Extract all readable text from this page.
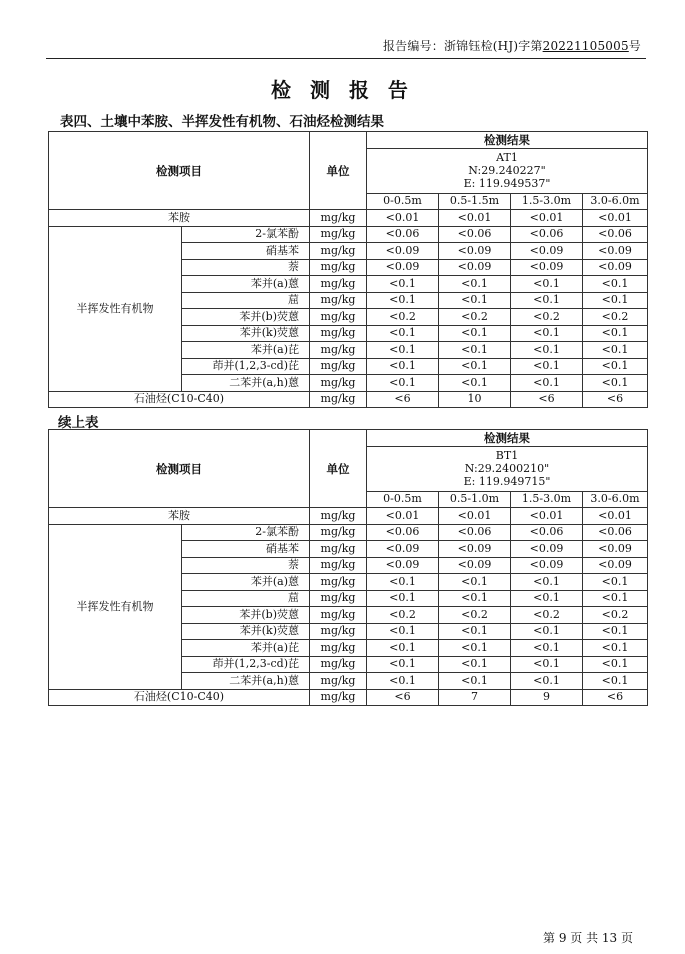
报告编号：浙锦钰检(HJ)字第20221105005号
检 测 报 告
表四、土壤中苯胺、半挥发性有机物、石油烃检测结果
续上表
检测项目		单位	检测结果			

			AT1
N:29.240227"
E: 119.949537"			

			0-0.5m	0.5-1.5m	1.5-3.0m	3.0-6.0m
苯胺		mg/kg	<0.01	<0.01	<0.01	<0.01
半挥发性有机物	2-氯苯酚	mg/kg	<0.06	<0.06	<0.06	<0.06
	硝基苯	mg/kg	<0.09	<0.09	<0.09	<0.09
	萘	mg/kg	<0.09	<0.09	<0.09	<0.09
	苯并(a)蒽	mg/kg	<0.1	<0.1	<0.1	<0.1
	䓛	mg/kg	<0.1	<0.1	<0.1	<0.1
	苯并(b)荧蒽	mg/kg	<0.2	<0.2	<0.2	<0.2
	苯并(k)荧蒽	mg/kg	<0.1	<0.1	<0.1	<0.1
	苯并(a)芘	mg/kg	<0.1	<0.1	<0.1	<0.1
	茚并(1,2,3-cd)芘	mg/kg	<0.1	<0.1	<0.1	<0.1
	二苯并(a,h)蒽	mg/kg	<0.1	<0.1	<0.1	<0.1
石油烃(C10-C40)		mg/kg	<6	10	<6	<6
检测项目		单位	检测结果			

			BT1
N:29.2400210"
E: 119.949715"			

			0-0.5m	0.5-1.0m	1.5-3.0m	3.0-6.0m
苯胺		mg/kg	<0.01	<0.01	<0.01	<0.01
半挥发性有机物	2-氯苯酚	mg/kg	<0.06	<0.06	<0.06	<0.06
	硝基苯	mg/kg	<0.09	<0.09	<0.09	<0.09
	萘	mg/kg	<0.09	<0.09	<0.09	<0.09
	苯并(a)蒽	mg/kg	<0.1	<0.1	<0.1	<0.1
	䓛	mg/kg	<0.1	<0.1	<0.1	<0.1
	苯并(b)荧蒽	mg/kg	<0.2	<0.2	<0.2	<0.2
	苯并(k)荧蒽	mg/kg	<0.1	<0.1	<0.1	<0.1
	苯并(a)芘	mg/kg	<0.1	<0.1	<0.1	<0.1
	茚并(1,2,3-cd)芘	mg/kg	<0.1	<0.1	<0.1	<0.1
	二苯并(a,h)蒽	mg/kg	<0.1	<0.1	<0.1	<0.1
石油烃(C10-C40)		mg/kg	<6	7	9	<6
第 9 页 共 13 页
